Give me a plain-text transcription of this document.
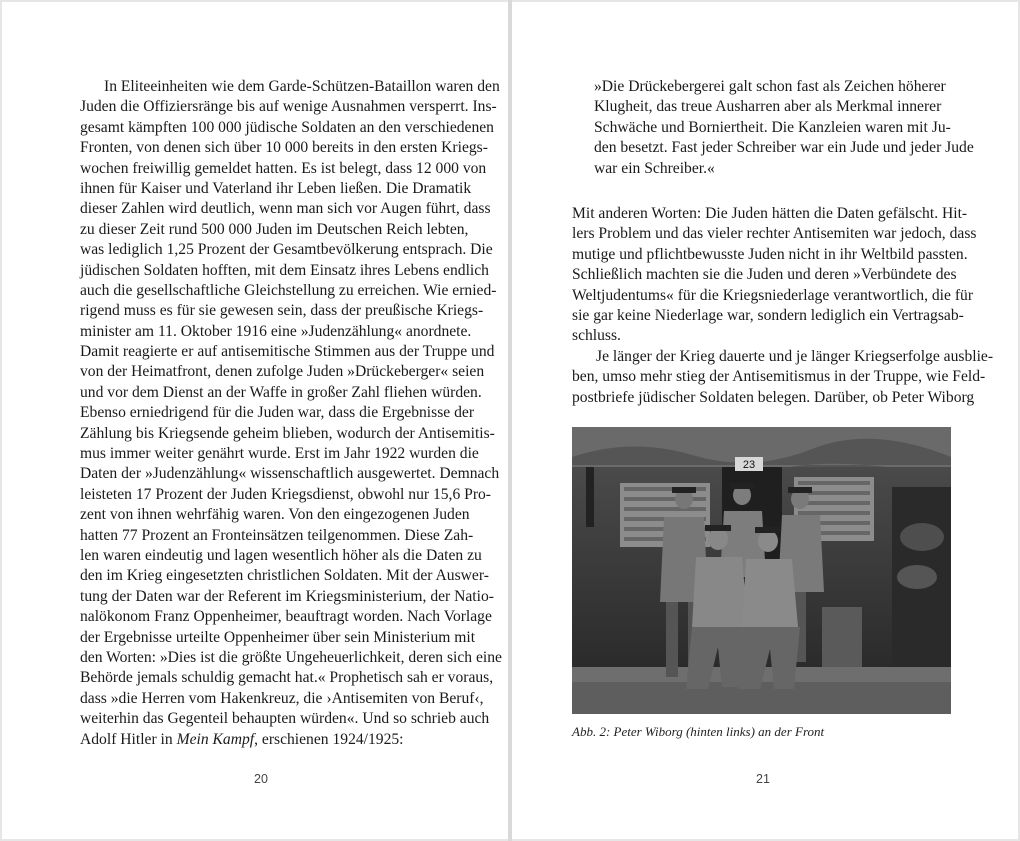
In Eliteeinheiten wie dem Garde-Schützen-Bataillon waren den
Juden die Offiziersränge bis auf wenige Ausnahmen versperrt. Ins-
gesamt kämpften 100 000 jüdische Soldaten an den verschiedenen
Fronten, von denen sich über 10 000 bereits in den ersten Kriegs-
wochen freiwillig gemeldet hatten. Es ist belegt, dass 12 000 von
ihnen für Kaiser und Vaterland ihr Leben ließen. Die Dramatik
dieser Zahlen wird deutlich, wenn man sich vor Augen führt, dass
zu dieser Zeit rund 500 000 Juden im Deutschen Reich lebten,
was lediglich 1,25 Prozent der Gesamtbevölkerung entsprach. Die
jüdischen Soldaten hofften, mit dem Einsatz ihres Lebens endlich
auch die gesellschaftliche Gleichstellung zu erreichen. Wie ernied-
rigend muss es für sie gewesen sein, dass der preußische Kriegs-
minister am 11. Oktober 1916 eine »Judenzählung« anordnete.
Damit reagierte er auf antisemitische Stimmen aus der Truppe und
von der Heimatfront, denen zufolge Juden »Drückeberger« seien
und vor dem Dienst an der Waffe in großer Zahl fliehen würden.
Ebenso erniedrigend für die Juden war, dass die Ergebnisse der
Zählung bis Kriegsende geheim blieben, wodurch der Antisemitis-
mus immer weiter genährt wurde. Erst im Jahr 1922 wurden die
Daten der »Judenzählung« wissenschaftlich ausgewertet. Demnach
leisteten 17 Prozent der Juden Kriegsdienst, obwohl nur 15,6 Pro-
zent von ihnen wehrfähig waren. Von den eingezogenen Juden
hatten 77 Prozent an Fronteinsätzen teilgenommen. Diese Zah-
len waren eindeutig und lagen wesentlich höher als die Daten zu
den im Krieg eingesetzten christlichen Soldaten. Mit der Auswer-
tung der Daten war der Referent im Kriegsministerium, der Natio-
nalökonom Franz Oppenheimer, beauftragt worden. Nach Vorlage
der Ergebnisse urteilte Oppenheimer über sein Ministerium mit
den Worten: »Dies ist die größte Ungeheuerlichkeit, deren sich eine
Behörde jemals schuldig gemacht hat.« Prophetisch sah er voraus,
dass »die Herren vom Hakenkreuz, die ›Antisemiten von Beruf‹,
weiterhin das Gegenteil behaupten würden«. Und so schrieb auch
Adolf Hitler in Mein Kampf, erschienen 1924/1925:
20
»Die Drückebergerei galt schon fast als Zeichen höherer
Klugheit, das treue Ausharren aber als Merkmal innerer
Schwäche und Borniertheit. Die Kanzleien waren mit Ju-
den besetzt. Fast jeder Schreiber war ein Jude und jeder Jude
war ein Schreiber.«
Mit anderen Worten: Die Juden hätten die Daten gefälscht. Hit-
lers Problem und das vieler rechter Antisemiten war jedoch, dass
mutige und pflichtbewusste Juden nicht in ihr Weltbild passten.
Schließlich machten sie die Juden und deren »Verbündete des
Weltjudentums« für die Kriegsniederlage verantwortlich, die für
sie gar keine Niederlage war, sondern lediglich ein Vertragsab-
schluss.
Je länger der Krieg dauerte und je länger Kriegserfolge ausblie-
ben, umso mehr stieg der Antisemitismus in der Truppe, wie Feld-
postbriefe jüdischer Soldaten belegen. Darüber, ob Peter Wiborg
23
Abb. 2: Peter Wiborg (hinten links) an der Front
21
